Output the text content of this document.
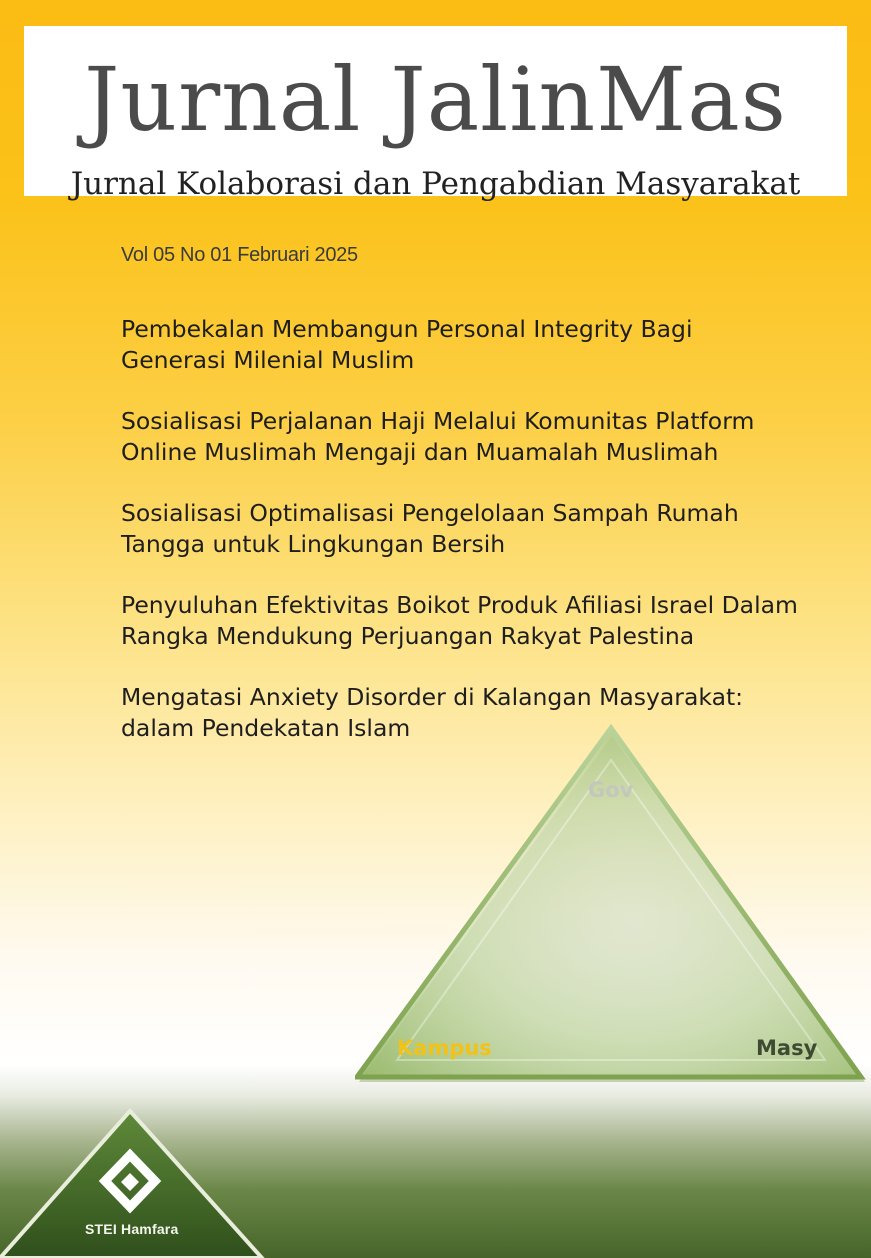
Jurnal JalinMas
Jurnal Kolaborasi dan Pengabdian Masyarakat
Vol 05 No 01 Februari 2025
Pembekalan Membangun Personal Integrity Bagi
Generasi Milenial Muslim
Sosialisasi Perjalanan Haji Melalui Komunitas Platform
Online Muslimah Mengaji dan Muamalah Muslimah
Sosialisasi Optimalisasi Pengelolaan Sampah Rumah
Tangga untuk Lingkungan Bersih
Penyuluhan Efektivitas Boikot Produk Afiliasi Israel Dalam
Rangka Mendukung Perjuangan Rakyat Palestina
Mengatasi Anxiety Disorder di Kalangan Masyarakat:
dalam Pendekatan Islam
Gov
Kampus	Masy
STEI Hamfara
